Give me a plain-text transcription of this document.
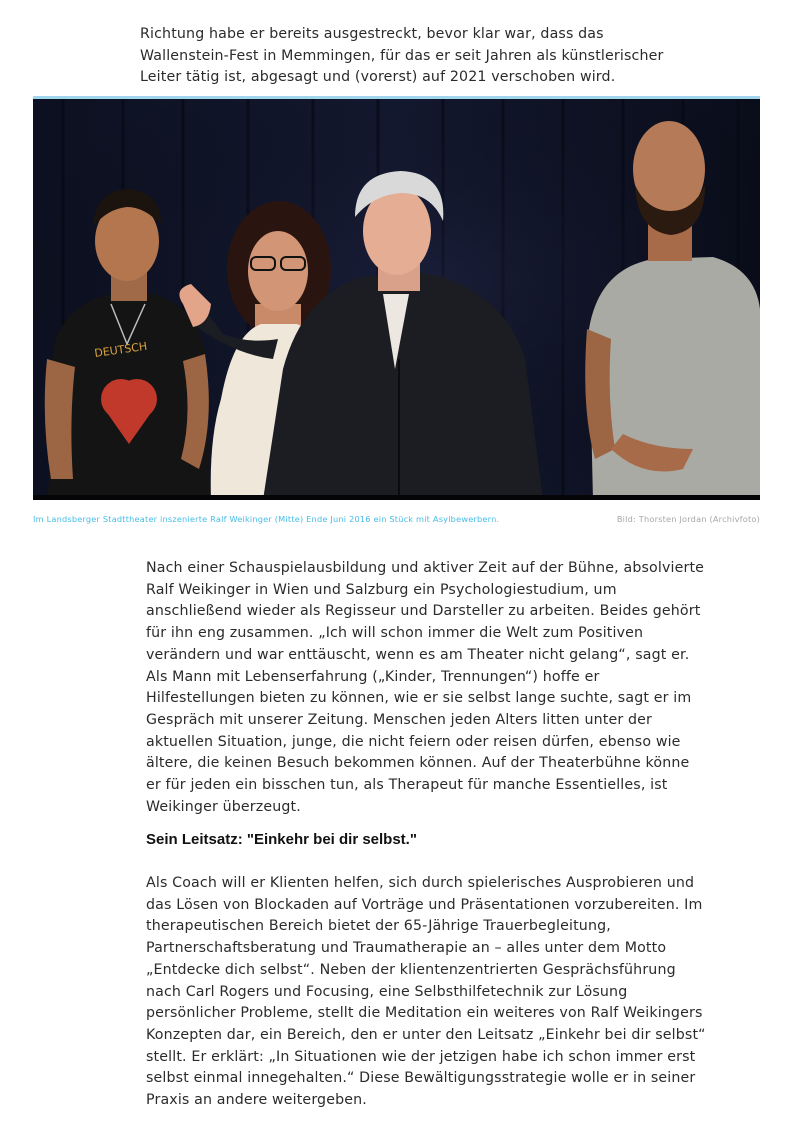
Richtung habe er bereits ausgestreckt, bevor klar war, dass das Wallenstein-Fest in Memmingen, für das er seit Jahren als künstlerischer Leiter tätig ist, abgesagt und (vorerst) auf 2021 verschoben wird.

DEUTSCH
Im Landsberger Stadttheater inszenierte Ralf Weikinger (Mitte) Ende Juni 2016 ein Stück mit Asylbewerbern.	Bild: Thorsten Jordan (Archivfoto)

Nach einer Schauspielausbildung und aktiver Zeit auf der Bühne, absolvierte Ralf Weikinger in Wien und Salzburg ein Psychologiestudium, um anschließend wieder als Regisseur und Darsteller zu arbeiten. Beides gehört für ihn eng zusammen. „Ich will schon immer die Welt zum Positiven verändern und war enttäuscht, wenn es am Theater nicht gelang“, sagt er. Als Mann mit Lebenserfahrung („Kinder, Trennungen“) hoffe er Hilfestellungen bieten zu können, wie er sie selbst lange suchte, sagt er im Gespräch mit unserer Zeitung. Menschen jeden Alters litten unter der aktuellen Situation, junge, die nicht feiern oder reisen dürfen, ebenso wie ältere, die keinen Besuch bekommen können. Auf der Theaterbühne könne er für jeden ein bisschen tun, als Therapeut für manche Essentielles, ist Weikinger überzeugt.

Sein Leitsatz: "Einkehr bei dir selbst."

Als Coach will er Klienten helfen, sich durch spielerisches Ausprobieren und das Lösen von Blockaden auf Vorträge und Präsentationen vorzubereiten. Im therapeutischen Bereich bietet der 65-Jährige Trauerbegleitung, Partnerschaftsberatung und Traumatherapie an – alles unter dem Motto „Entdecke dich selbst“. Neben der klientenzentrierten Gesprächsführung nach Carl Rogers und Focusing, eine Selbsthilfetechnik zur Lösung persönlicher Probleme, stellt die Meditation ein weiteres von Ralf Weikingers Konzepten dar, ein Bereich, den er unter den Leitsatz „Einkehr bei dir selbst“ stellt. Er erklärt: „In Situationen wie der jetzigen habe ich schon immer erst selbst einmal innegehalten.“ Diese Bewältigungsstrategie wolle er in seiner Praxis an andere weitergeben.
